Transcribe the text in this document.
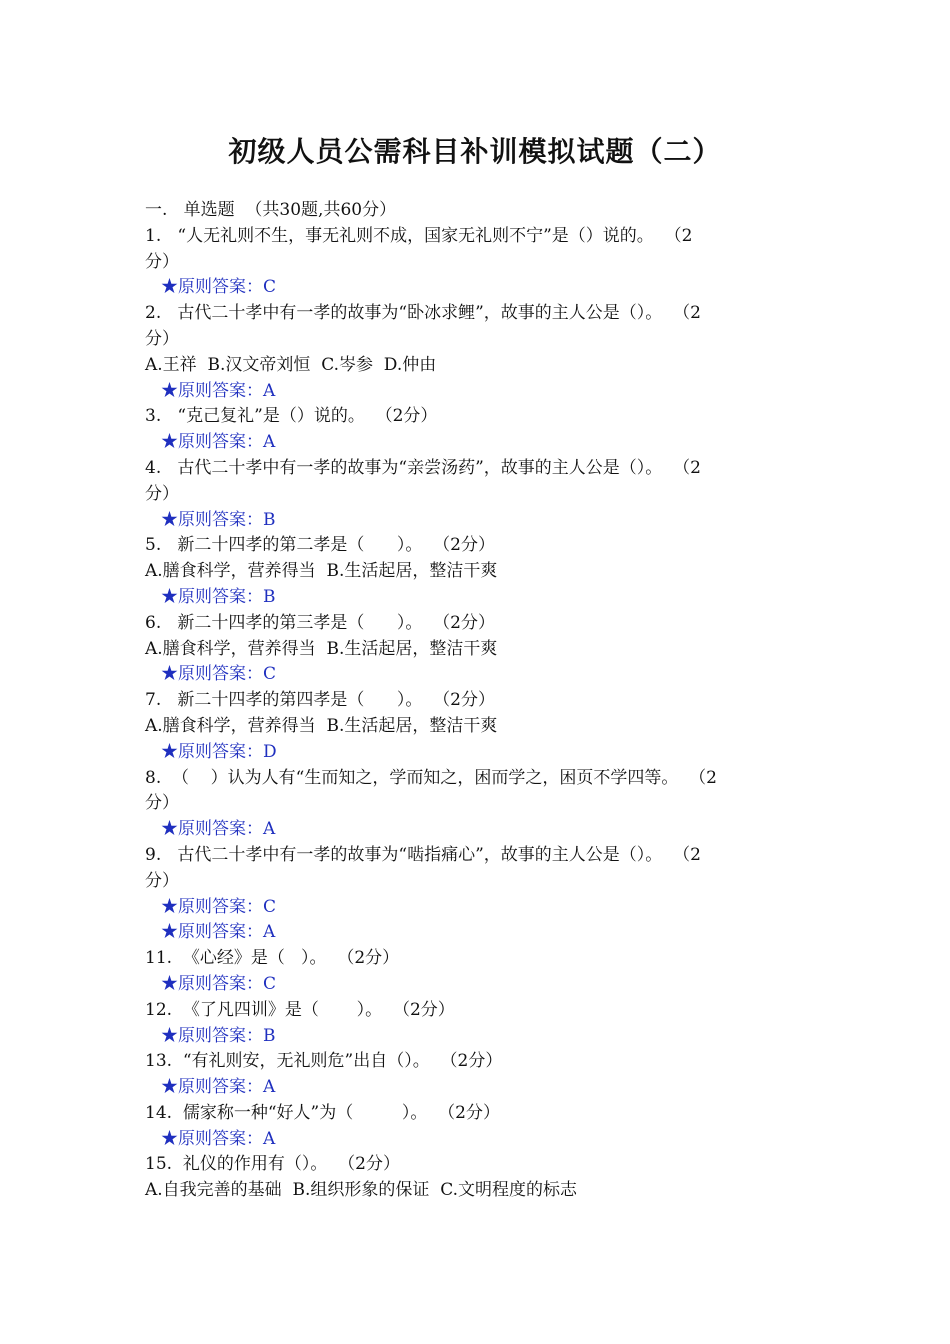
初级人员公需科目补训模拟试题（二）
一.   单选题  （共30题,共60分）
1.   “人无礼则不生，事无礼则不成，国家无礼则不宁”是（）说的。  （2
分）
★原则答案：C
2.   古代二十孝中有一孝的故事为“卧冰求鲤”，故事的主人公是（）。  （2
分）
A.王祥  B.汉文帝刘恒  C.岑参  D.仲由
★原则答案：A
3.   “克己复礼”是（）说的。  （2分）
★原则答案：A
4.   古代二十孝中有一孝的故事为“亲尝汤药”，故事的主人公是（）。  （2
分）
★原则答案：B
5.   新二十四孝的第二孝是（      ）。  （2分）
A.膳食科学，营养得当  B.生活起居，整洁干爽
★原则答案：B
6.   新二十四孝的第三孝是（      ）。  （2分）
A.膳食科学，营养得当  B.生活起居，整洁干爽
★原则答案：C
7.   新二十四孝的第四孝是（      ）。  （2分）
A.膳食科学，营养得当  B.生活起居，整洁干爽
★原则答案：D
8.  （    ）认为人有“生而知之，学而知之，困而学之，困页不学四等。  （2
分）
★原则答案：A
9.   古代二十孝中有一孝的故事为“啮指痛心”，故事的主人公是（）。  （2
分）
★原则答案：C
★原则答案：A
11.  《心经》是（   ）。  （2分）
★原则答案：C
12.  《了凡四训》是（       ）。  （2分）
★原则答案：B
13.  “有礼则安，无礼则危”出自（）。  （2分）
★原则答案：A
14.  儒家称一种“好人”为（         ）。  （2分）
★原则答案：A
15.  礼仪的作用有（）。  （2分）
A.自我完善的基础  B.组织形象的保证  C.文明程度的标志
